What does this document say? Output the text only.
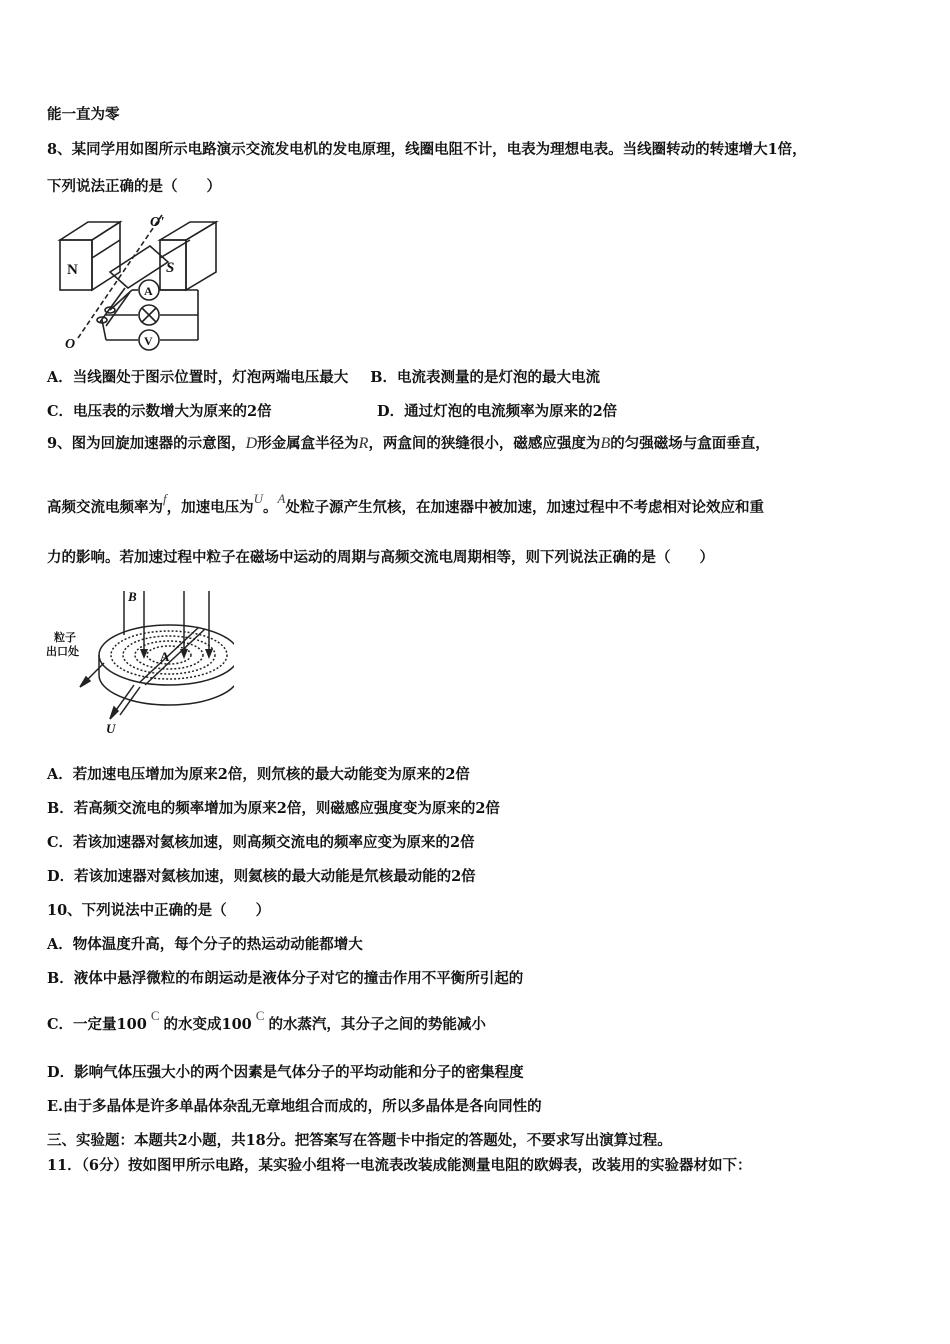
能一直为零
8、某同学用如图所示电路演示交流发电机的发电原理，线圈电阻不计，电表为理想电表。当线圈转动的转速增大1倍，
下列说法正确的是（　　）
N	S
O'
O
A
V
A．当线圈处于图示位置时，灯泡两端电压最大 B．电流表测量的是灯泡的最大电流
C．电压表的示数增大为原来的2倍	D．通过灯泡的电流频率为原来的2倍
9、图为回旋加速器的示意图，D形金属盒半径为R，两盒间的狭缝很小，磁感应强度为B的匀强磁场与盒面垂直，
高频交流电频率为f，加速电压为U。A处粒子源产生氘核，在加速器中被加速，加速过程中不考虑相对论效应和重
力的影响。若加速过程中粒子在磁场中运动的周期与高频交流电周期相等，则下列说法正确的是（　　）
B
A
U
粒子
出口处
A．若加速电压增加为原来2倍，则氘核的最大动能变为原来的2倍
B．若高频交流电的频率增加为原来2倍，则磁感应强度变为原来的2倍
C．若该加速器对氦核加速，则高频交流电的频率应变为原来的2倍
D．若该加速器对氦核加速，则氦核的最大动能是氘核最动能的2倍
10、下列说法中正确的是（　　）
A．物体温度升高，每个分子的热运动动能都增大
B．液体中悬浮微粒的布朗运动是液体分子对它的撞击作用不平衡所引起的
C．一定量100C的水变成100C的水蒸汽，其分子之间的势能减小
D．影响气体压强大小的两个因素是气体分子的平均动能和分子的密集程度
E.由于多晶体是许多单晶体杂乱无章地组合而成的，所以多晶体是各向同性的
三、实验题：本题共2小题，共18分。把答案写在答题卡中指定的答题处，不要求写出演算过程。
11．（6分）按如图甲所示电路，某实验小组将一电流表改装成能测量电阻的欧姆表，改装用的实验器材如下：
